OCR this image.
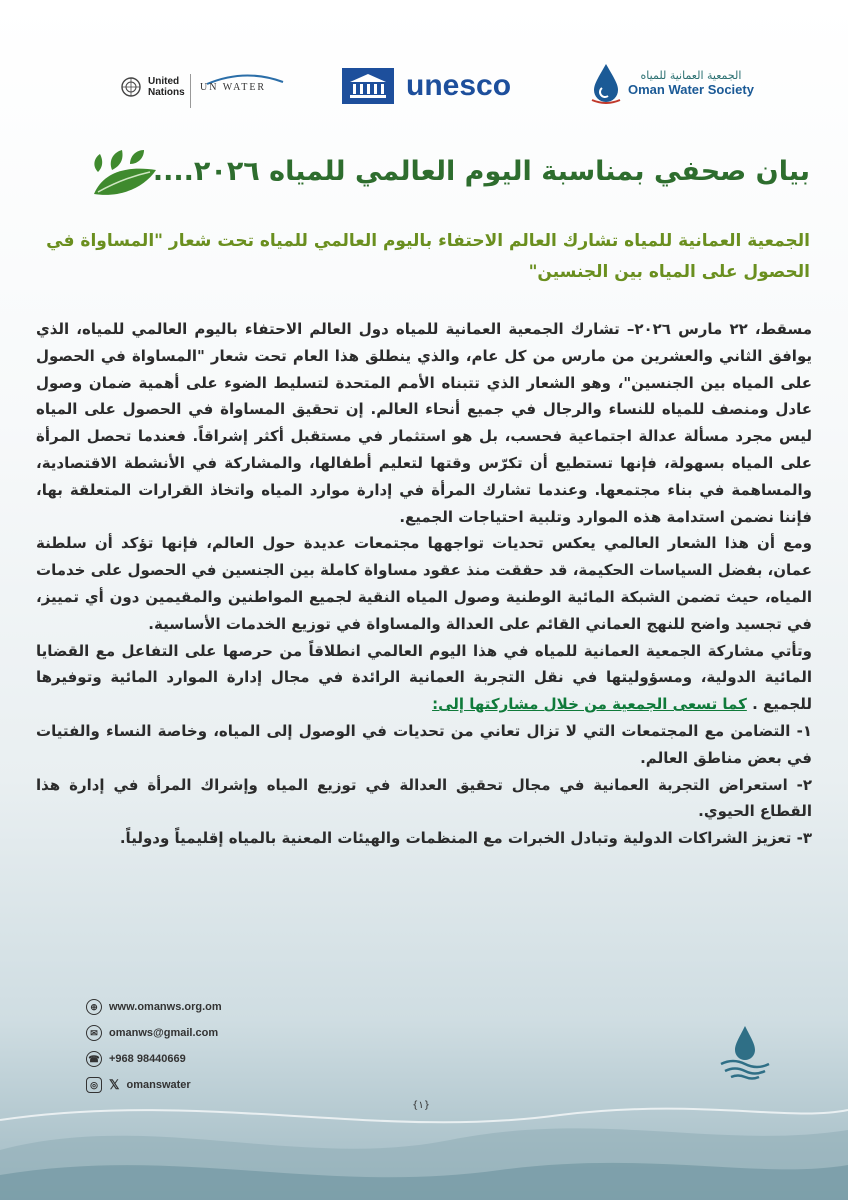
United Nations	UN WATER	unesco	الجمعية العمانية للمياه
Oman Water Society
بيان صحفي بمناسبة اليوم العالمي للمياه ٢٠٢٦....
الجمعية العمانية للمياه تشارك العالم الاحتفاء باليوم العالمي للمياه تحت شعار "المساواة في الحصول على المياه بين الجنسين"

مسقط، ٢٢ مارس ٢٠٢٦– تشارك الجمعية العمانية للمياه دول العالم الاحتفاء باليوم العالمي للمياه، الذي يوافق الثاني والعشرين من مارس من كل عام، والذي ينطلق هذا العام تحت شعار "المساواة في الحصول على المياه بين الجنسين"، وهو الشعار الذي تتبناه الأمم المتحدة لتسليط الضوء على أهمية ضمان وصول عادل ومنصف للمياه للنساء والرجال في جميع أنحاء العالم. إن تحقيق المساواة في الحصول على المياه ليس مجرد مسألة عدالة اجتماعية فحسب، بل هو استثمار في مستقبل أكثر إشراقاً. فعندما تحصل المرأة على المياه بسهولة، فإنها تستطيع أن تكرّس وقتها لتعليم أطفالها، والمشاركة في الأنشطة الاقتصادية، والمساهمة في بناء مجتمعها. وعندما تشارك المرأة في إدارة موارد المياه واتخاذ القرارات المتعلقة بها، فإننا نضمن استدامة هذه الموارد وتلبية احتياجات الجميع.

ومع أن هذا الشعار العالمي يعكس تحديات تواجهها مجتمعات عديدة حول العالم، فإنها تؤكد أن سلطنة عمان، بفضل السياسات الحكيمة، قد حققت منذ عقود مساواة كاملة بين الجنسين في الحصول على خدمات المياه، حيث تضمن الشبكة المائية الوطنية وصول المياه النقية لجميع المواطنين والمقيمين دون أي تمييز، في تجسيد واضح للنهج العماني القائم على العدالة والمساواة في توزيع الخدمات الأساسية.

وتأتي مشاركة الجمعية العمانية للمياه في هذا اليوم العالمي انطلاقاً من حرصها على التفاعل مع القضايا المائية الدولية، ومسؤوليتها في نقل التجربة العمانية الرائدة في مجال إدارة الموارد المائية وتوفيرها للجميع . كما تسعى الجمعية من خلال مشاركتها إلى:

١- التضامن مع المجتمعات التي لا تزال تعاني من تحديات في الوصول إلى المياه، وخاصة النساء والفتيات في بعض مناطق العالم.

٢- استعراض التجربة العمانية في مجال تحقيق العدالة في توزيع المياه وإشراك المرأة في إدارة هذا القطاع الحيوي.

٣- تعزيز الشراكات الدولية وتبادل الخبرات مع المنظمات والهيئات المعنية بالمياه إقليمياً ودولياً.

⊕	www.omanws.org.om
✉	omanws@gmail.com
☎ +968 98440669
◎ 𝕏 omanswater
{١}
